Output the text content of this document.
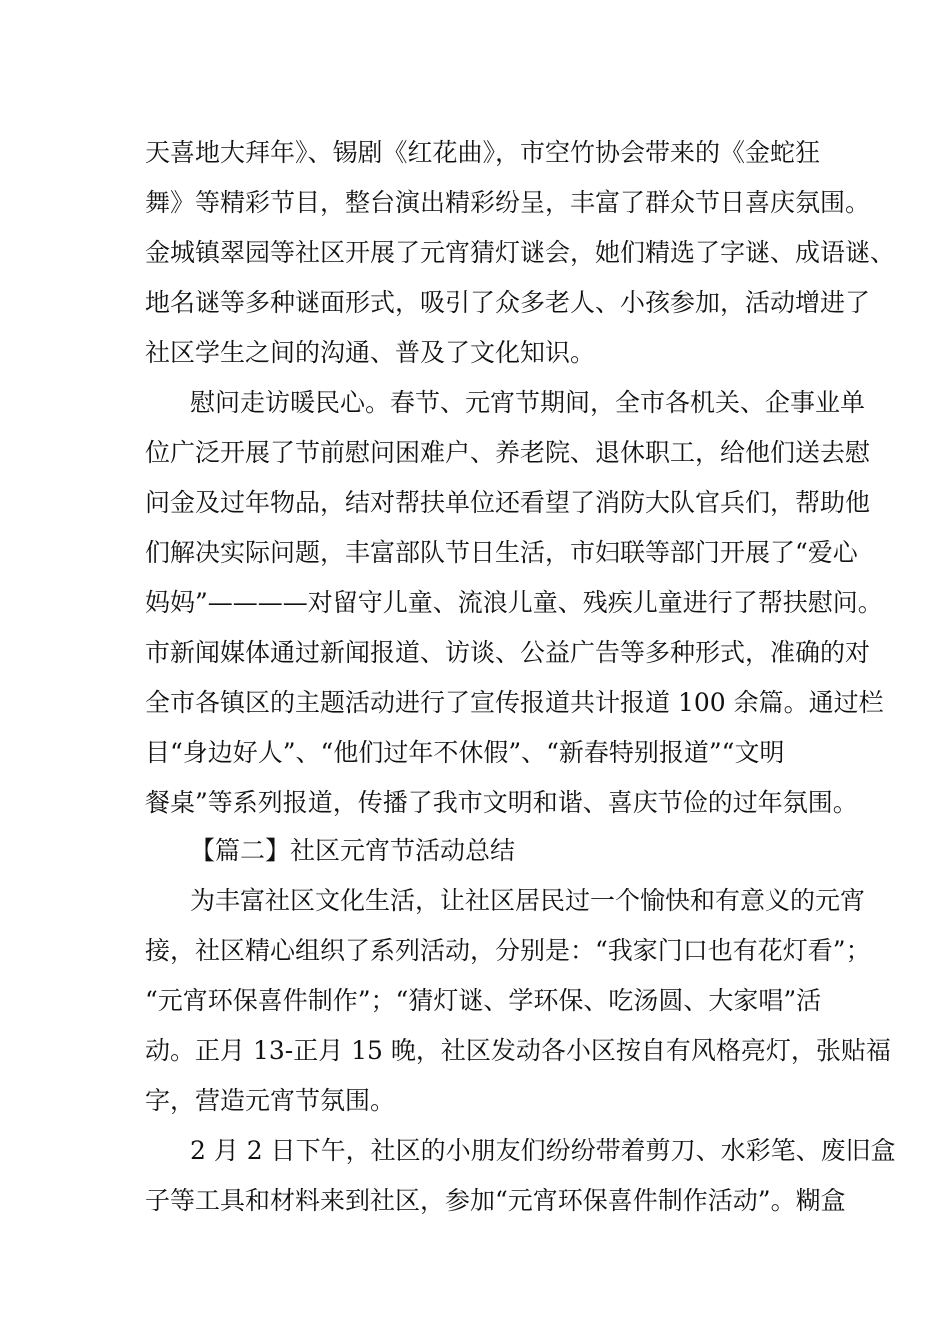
天喜地大拜年》、锡剧《红花曲》，市空竹协会带来的《金蛇狂
舞》等精彩节目，整台演出精彩纷呈，丰富了群众节日喜庆氛围。
金城镇翠园等社区开展了元宵猜灯谜会，她们精选了字谜、成语谜、
地名谜等多种谜面形式，吸引了众多老人、小孩参加，活动增进了
社区学生之间的沟通、普及了文化知识。
慰问走访暖民心。春节、元宵节期间，全市各机关、企事业单
位广泛开展了节前慰问困难户、养老院、退休职工，给他们送去慰
问金及过年物品，结对帮扶单位还看望了消防大队官兵们，帮助他
们解决实际问题，丰富部队节日生活，市妇联等部门开展了“爱心
妈妈”————对留守儿童、流浪儿童、残疾儿童进行了帮扶慰问。
市新闻媒体通过新闻报道、访谈、公益广告等多种形式，准确的对
全市各镇区的主题活动进行了宣传报道共计报道 100 余篇。通过栏
目“身边好人”、“他们过年不休假”、“新春特别报道”“文明
餐桌”等系列报道，传播了我市文明和谐、喜庆节俭的过年氛围。
【篇二】社区元宵节活动总结
为丰富社区文化生活，让社区居民过一个愉快和有意义的元宵
接，社区精心组织了系列活动，分别是：“我家门口也有花灯看”；
“元宵环保喜件制作”；“猜灯谜、学环保、吃汤圆、大家唱”活
动。正月 13-正月 15 晚，社区发动各小区按自有风格亮灯，张贴福
字，营造元宵节氛围。
2 月 2 日下午，社区的小朋友们纷纷带着剪刀、水彩笔、废旧盒
子等工具和材料来到社区，参加“元宵环保喜件制作活动”。糊盒
